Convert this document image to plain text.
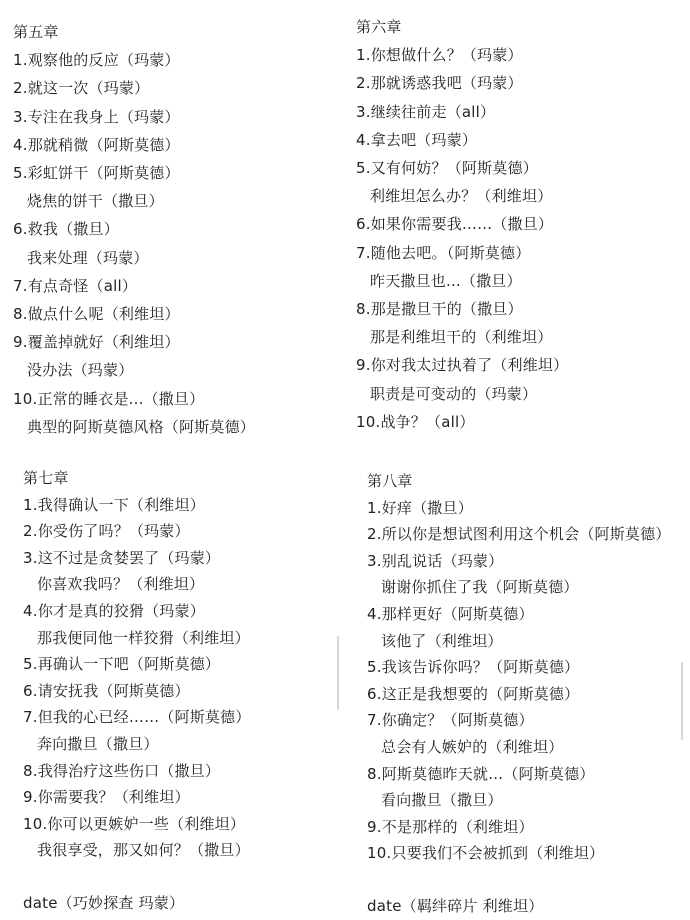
第五章
1.观察他的反应（玛蒙）
2.就这一次（玛蒙）
3.专注在我身上（玛蒙）
4.那就稍微（阿斯莫德）
5.彩虹饼干（阿斯莫德）
烧焦的饼干（撒旦）
6.救我（撒旦）
我来处理（玛蒙）
7.有点奇怪（all）
8.做点什么呢（利维坦）
9.覆盖掉就好（利维坦）
没办法（玛蒙）
10.正常的睡衣是...（撒旦）
典型的阿斯莫德风格（阿斯莫德）
第六章
1.你想做什么？（玛蒙）
2.那就诱惑我吧（玛蒙）
3.继续往前走（all）
4.拿去吧（玛蒙）
5.又有何妨？（阿斯莫德）
利维坦怎么办？（利维坦）
6.如果你需要我……（撒旦）
7.随他去吧。（阿斯莫德）
昨天撒旦也...（撒旦）
8.那是撒旦干的（撒旦）
那是利维坦干的（利维坦）
9.你对我太过执着了（利维坦）
职责是可变动的（玛蒙）
10.战争？（all）
第七章
1.我得确认一下（利维坦）
2.你受伤了吗？（玛蒙）
3.这不过是贪婪罢了（玛蒙）
你喜欢我吗？（利维坦）
4.你才是真的狡猾（玛蒙）
那我便同他一样狡猾（利维坦）
5.再确认一下吧（阿斯莫德）
6.请安抚我（阿斯莫德）
7.但我的心已经……（阿斯莫德）
奔向撒旦（撒旦）
8.我得治疗这些伤口（撒旦）
9.你需要我？（利维坦）
10.你可以更嫉妒一些（利维坦）
我很享受，那又如何？（撒旦）
date（巧妙探查 玛蒙）
第八章
1.好痒（撒旦）
2.所以你是想试图利用这个机会（阿斯莫德）
3.别乱说话（玛蒙）
谢谢你抓住了我（阿斯莫德）
4.那样更好（阿斯莫德）
该他了（利维坦）
5.我该告诉你吗？（阿斯莫德）
6.这正是我想要的（阿斯莫德）
7.你确定？（阿斯莫德）
总会有人嫉妒的（利维坦）
8.阿斯莫德昨天就…（阿斯莫德）
看向撒旦（撒旦）
9.不是那样的（利维坦）
10.只要我们不会被抓到（利维坦）
date（羁绊碎片 利维坦）
